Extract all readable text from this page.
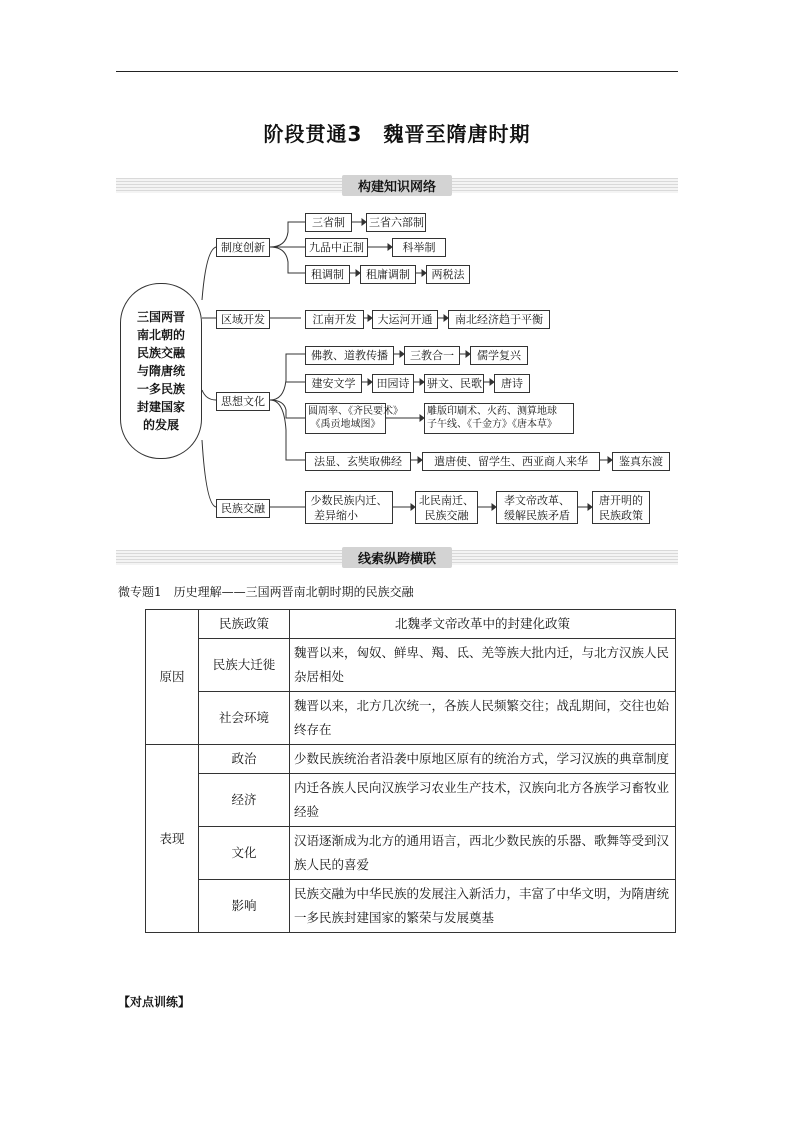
阶段贯通3　魏晋至隋唐时期
构建知识网络
三国两晋南北朝的民族交融与隋唐统一多民族封建国家的发展
制度创新
区域开发
思想文化
民族交融
三省制	三省六部制
九品中正制	科举制
租调制	租庸调制	两税法
江南开发	大运河开通	南北经济趋于平衡
佛教、道教传播	三教合一	儒学复兴
建安文学	田园诗	骈文、民歌	唐诗
圆周率、《齐民要术》
《禹贡地域图》
雕版印刷术、火药、测算地球
子午线、《千金方》《唐本草》
法显、玄奘取佛经	遣唐使、留学生、西亚商人来华	鉴真东渡
少数民族内迁、
差异缩小
北民南迁、
民族交融
孝文帝改革、
缓解民族矛盾
唐开明的
民族政策
线索纵跨横联
微专题1　历史理解——三国两晋南北朝时期的民族交融
原因	民族政策	北魏孝文帝改革中的封建化政策
	民族大迁徙	魏晋以来，匈奴、鲜卑、羯、氐、羌等族大批内迁，与北方汉族人民杂居相处
	社会环境	魏晋以来，北方几次统一，各族人民频繁交往；战乱期间，交往也始终存在
表现	政治	少数民族统治者沿袭中原地区原有的统治方式，学习汉族的典章制度
	经济	内迁各族人民向汉族学习农业生产技术，汉族向北方各族学习畜牧业经验
	文化	汉语逐渐成为北方的通用语言，西北少数民族的乐器、歌舞等受到汉族人民的喜爱
	影响	民族交融为中华民族的发展注入新活力，丰富了中华文明，为隋唐统一多民族封建国家的繁荣与发展奠基
【对点训练】
